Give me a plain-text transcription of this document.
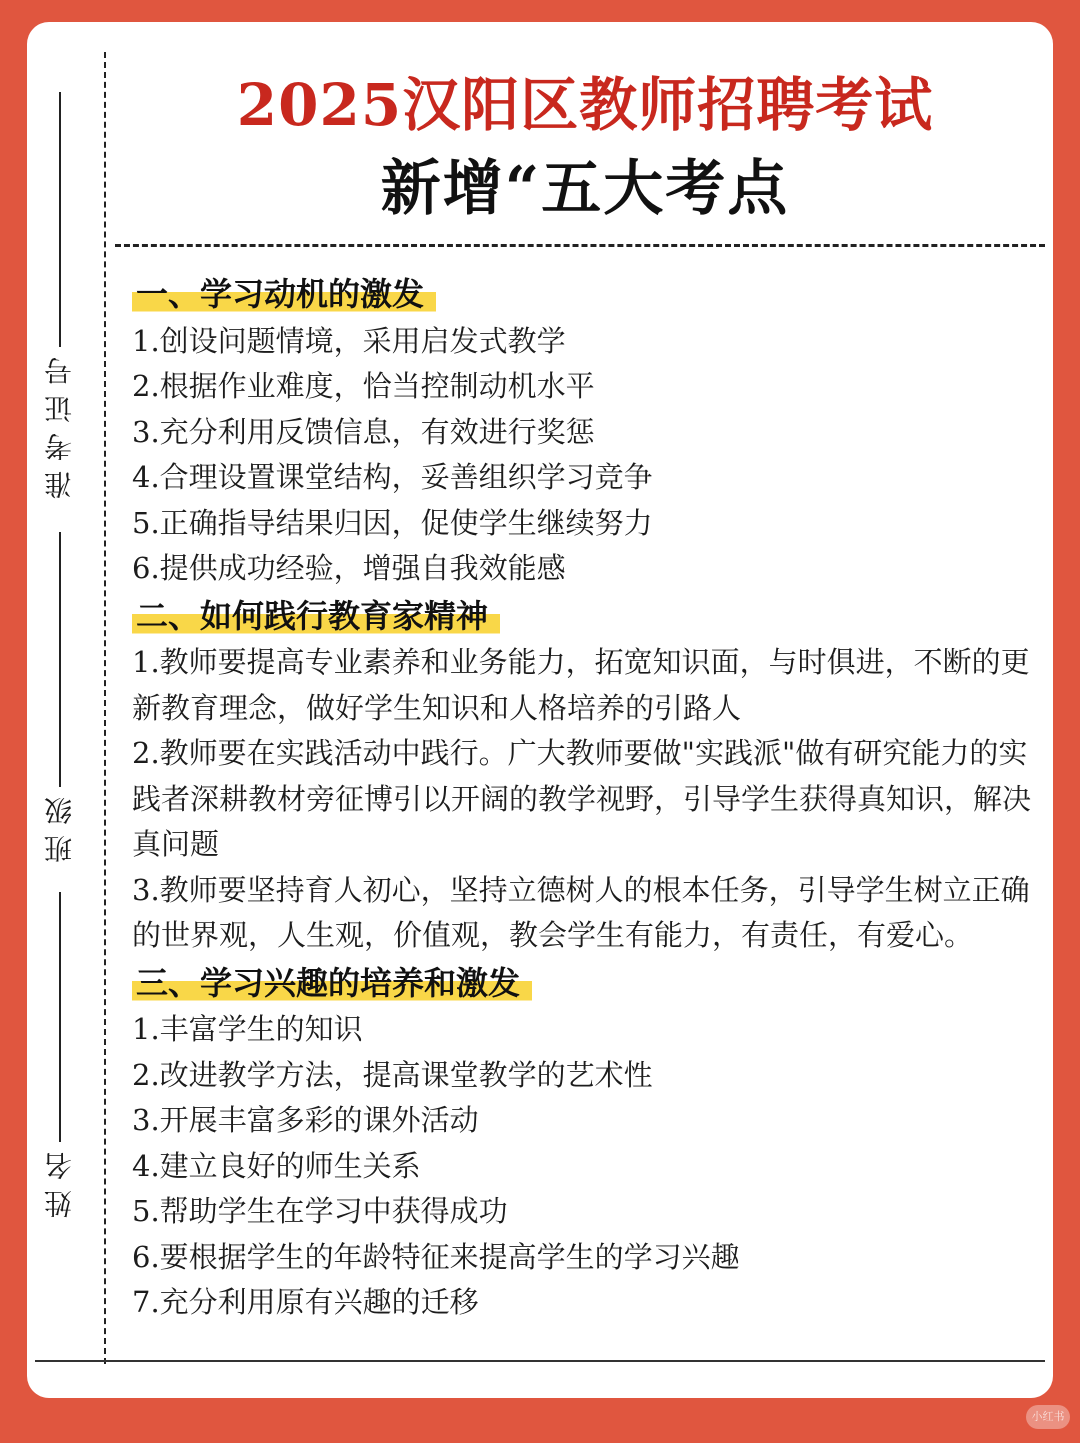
准考证号
班级
姓名
2025汉阳区教师招聘考试
新增“五大考点
一、学习动机的激发

1.创设问题情境，采用启发式教学

2.根据作业难度，恰当控制动机水平

3.充分利用反馈信息，有效进行奖惩

4.合理设置课堂结构，妥善组织学习竞争

5.正确指导结果归因，促使学生继续努力

6.提供成功经验，增强自我效能感

二、如何践行教育家精神

1.教师要提高专业素养和业务能力，拓宽知识面，与时俱进，不断的更新教育理念，做好学生知识和人格培养的引路人

2.教师要在实践活动中践行。广大教师要做"实践派"做有研究能力的实践者深耕教材旁征博引以开阔的教学视野，引导学生获得真知识，解决真问题

3.教师要坚持育人初心，坚持立德树人的根本任务，引导学生树立正确的世界观，人生观，价值观，教会学生有能力，有责任，有爱心。

三、学习兴趣的培养和激发

1.丰富学生的知识

2.改进教学方法，提高课堂教学的艺术性

3.开展丰富多彩的课外活动

4.建立良好的师生关系

5.帮助学生在学习中获得成功

6.要根据学生的年龄特征来提高学生的学习兴趣

7.充分利用原有兴趣的迁移

小红书
